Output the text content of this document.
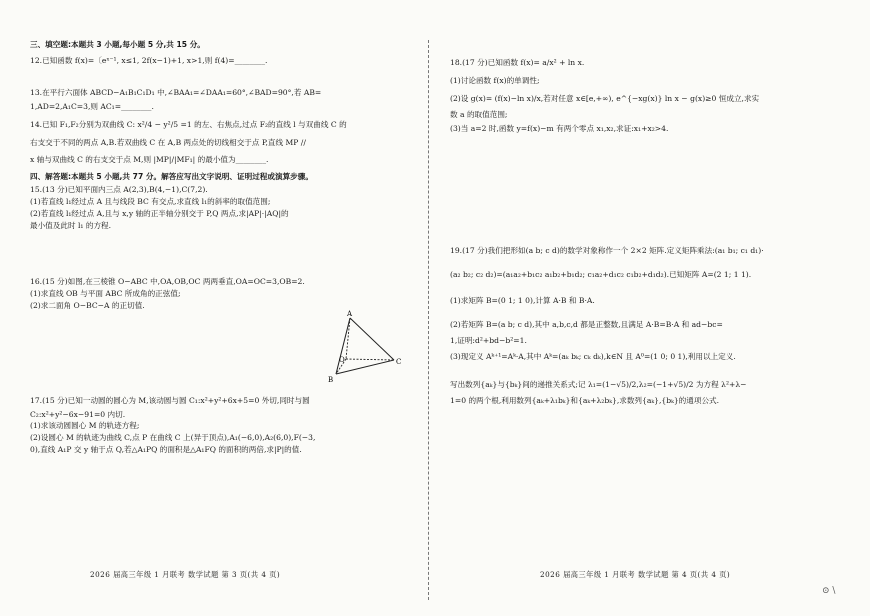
三、填空题:本题共 3 小题,每小题 5 分,共 15 分。
12.已知函数 f(x)=〔eˣ⁻¹, x≤1, 2f(x−1)+1, x>1,则 f(4)=________.
13.在平行六面体 ABCD−A₁B₁C₁D₁ 中,∠BAA₁=∠DAA₁=60°,∠BAD=90°,若 AB=
1,AD=2,A₁C=3,则 AC₁=________.
14.已知 F₁,F₂分别为双曲线 C: x²/4 − y²/5 =1 的左、右焦点,过点 F₂的直线 l 与双曲线 C 的
右支交于不同的两点 A,B.若双曲线 C 在 A,B 两点处的切线相交于点 P,直线 MP //
x 轴与双曲线 C 的右支交于点 M,则 |MP|/|MF₁| 的最小值为________.
四、解答题:本题共 5 小题,共 77 分。解答应写出文字说明、证明过程或演算步骤。
15.(13 分)已知平面内三点 A(2,3),B(4,−1),C(7,2).
(1)若直线 l₁经过点 A 且与线段 BC 有交点,求直线 l₁的斜率的取值范围;
(2)若直线 l₁经过点 A,且与 x,y 轴的正半轴分别交于 P,Q 两点,求|AP|·|AQ|的
最小值及此时 l₁ 的方程.
16.(15 分)如图,在三棱锥 O−ABC 中,OA,OB,OC 两两垂直,OA=OC=3,OB=2.
(1)求直线 OB 与平面 ABC 所成角的正弦值;
(2)求二面角 O−BC−A 的正切值.
A
O
B
C
17.(15 分)已知一动圆的圆心为 M,该动圆与圆 C₁:x²+y²+6x+5=0 外切,同时与圆
C₂:x²+y²−6x−91=0 内切.
(1)求该动圆圆心 M 的轨迹方程;
(2)设圆心 M 的轨迹为曲线 C,点 P 在曲线 C 上(异于顶点),A₁(−6,0),A₂(6,0),F(−3,
0),直线 A₁P 交 y 轴于点 Q,若△A₁PQ 的面积是△A₁FQ 的面积的两倍,求|P|的值.
2026 届高三年级 1 月联考 数学试题 第 3 页(共 4 页)
18.(17 分)已知函数 f(x)= a/x² + ln x.
(1)讨论函数 f(x)的单调性;
(2)设 g(x)= (f(x)−ln x)/x,若对任意 x∈[e,+∞), e^{−xg(x)} ln x − g(x)≥0 恒成立,求实
数 a 的取值范围;
(3)当 a=2 时,函数 y=f(x)−m 有两个零点 x₁,x₂,求证:x₁+x₂>4.
19.(17 分)我们把形如(a b; c d)的数学对象称作一个 2×2 矩阵.定义矩阵乘法:(a₁ b₁; c₁ d₁)·
(a₂ b₂; c₂ d₂)=(a₁a₂+b₁c₂ a₁b₂+b₁d₂; c₁a₂+d₁c₂ c₁b₂+d₁d₂).已知矩阵 A=(2 1; 1 1).
(1)求矩阵 B=(0 1; 1 0),计算 A·B 和 B·A.
(2)若矩阵 B=(a b; c d),其中 a,b,c,d 都是正整数,且满足 A·B=B·A 和 ad−bc=
1,证明:d²+bd−b²=1.
(3)现定义 Aᵏ⁺¹=Aᵏ·A,其中 Aᵏ=(aₖ bₖ; cₖ dₖ),k∈N 且 A⁰=(1 0; 0 1),利用以上定义.
写出数列{aₖ}与{bₖ}间的递推关系式;记 λ₁=(1−√5)/2,λ₂=(−1+√5)/2 为方程 λ²+λ−
1=0 的两个根,利用数列{aₖ+λ₁bₖ}和{aₖ+λ₂bₖ},求数列{aₖ},{bₖ}的通项公式.
2026 届高三年级 1 月联考 数学试题 第 4 页(共 4 页)
⊙ \
